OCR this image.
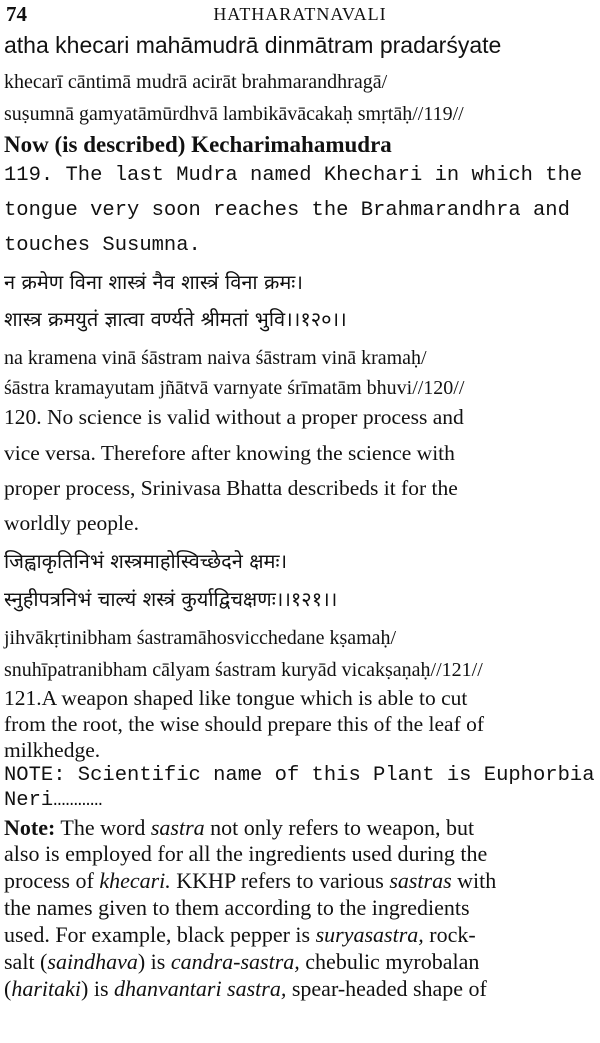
74	HATHARATNAVALI
atha khecari mahāmudrā dinmātram pradarśyate
khecarī cāntimā mudrā acirāt brahmarandhragā/
suṣumnā gamyatāmūrdhvā lambikāvācakaḥ smṛtāḥ//119//
Now (is described) Kecharimahamudra
119. The last Mudra named Khechari in which the
tongue very soon reaches the Brahmarandhra and
touches Susumna.
न क्रमेण विना शास्त्रं नैव शास्त्रं विना क्रमः।
शास्त्र क्रमयुतं ज्ञात्वा वर्ण्यते श्रीमतां भुवि।।१२०।।
na kramena vinā śāstram naiva śāstram vinā kramaḥ/
śāstra kramayutam jñātvā varnyate śrīmatām bhuvi//120//
120. No science is valid without a proper process and
vice versa. Therefore after knowing the science with
proper process, Srinivasa Bhatta describeds it for the
worldly people.
जिह्वाकृतिनिभं शस्त्रमाहोस्विच्छेदने क्षमः।
स्नुहीपत्रनिभं चाल्यं शस्त्रं कुर्याद्विचक्षणः।।१२१।।
jihvākṛtinibham śastramāhosvicchedane kṣamaḥ/
snuhīpatranibham cālyam śastram kuryād vicakṣaṇaḥ//121//
121.A weapon shaped like tongue which is able to cut
from the root, the wise should prepare this of the leaf of
milkhedge.
NOTE: Scientific name of this Plant is Euphorbia
Neri…………
Note: The word sastra not only refers to weapon, but
also is employed for all the ingredients used during the
process of khecari. KKHP refers to various sastras with
the names given to them according to the ingredients
used. For example, black pepper is suryasastra, rock-
salt (saindhava) is candra-sastra, chebulic myrobalan
(haritaki) is dhanvantari sastra, spear-headed shape of
